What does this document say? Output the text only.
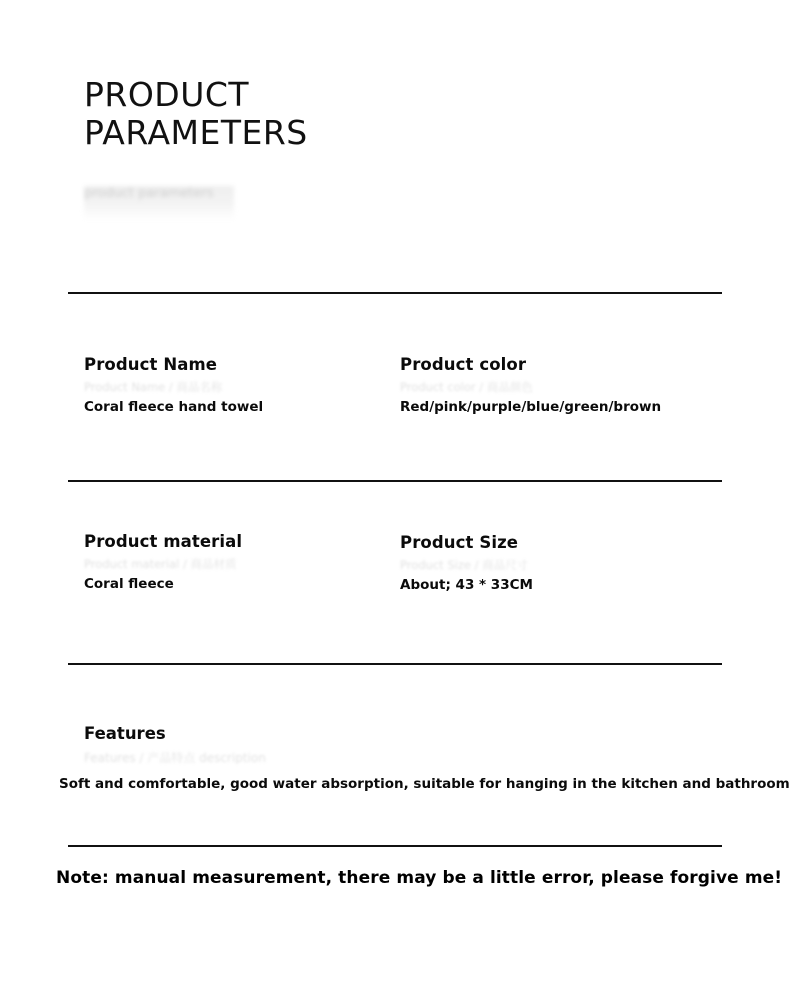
PRODUCT
PARAMETERS
product parameters
Product Name
Product Name / 商品名称
Coral fleece hand towel
Product color
Product color / 商品颜色
Red/pink/purple/blue/green/brown
Product material
Product material / 商品材质
Coral fleece
Product Size
Product Size / 商品尺寸
About; 43 * 33CM
Features
Features / 产品特点 description
Soft and comfortable, good water absorption, suitable for hanging in the kitchen and bathroom
Note: manual measurement, there may be a little error, please forgive me!
